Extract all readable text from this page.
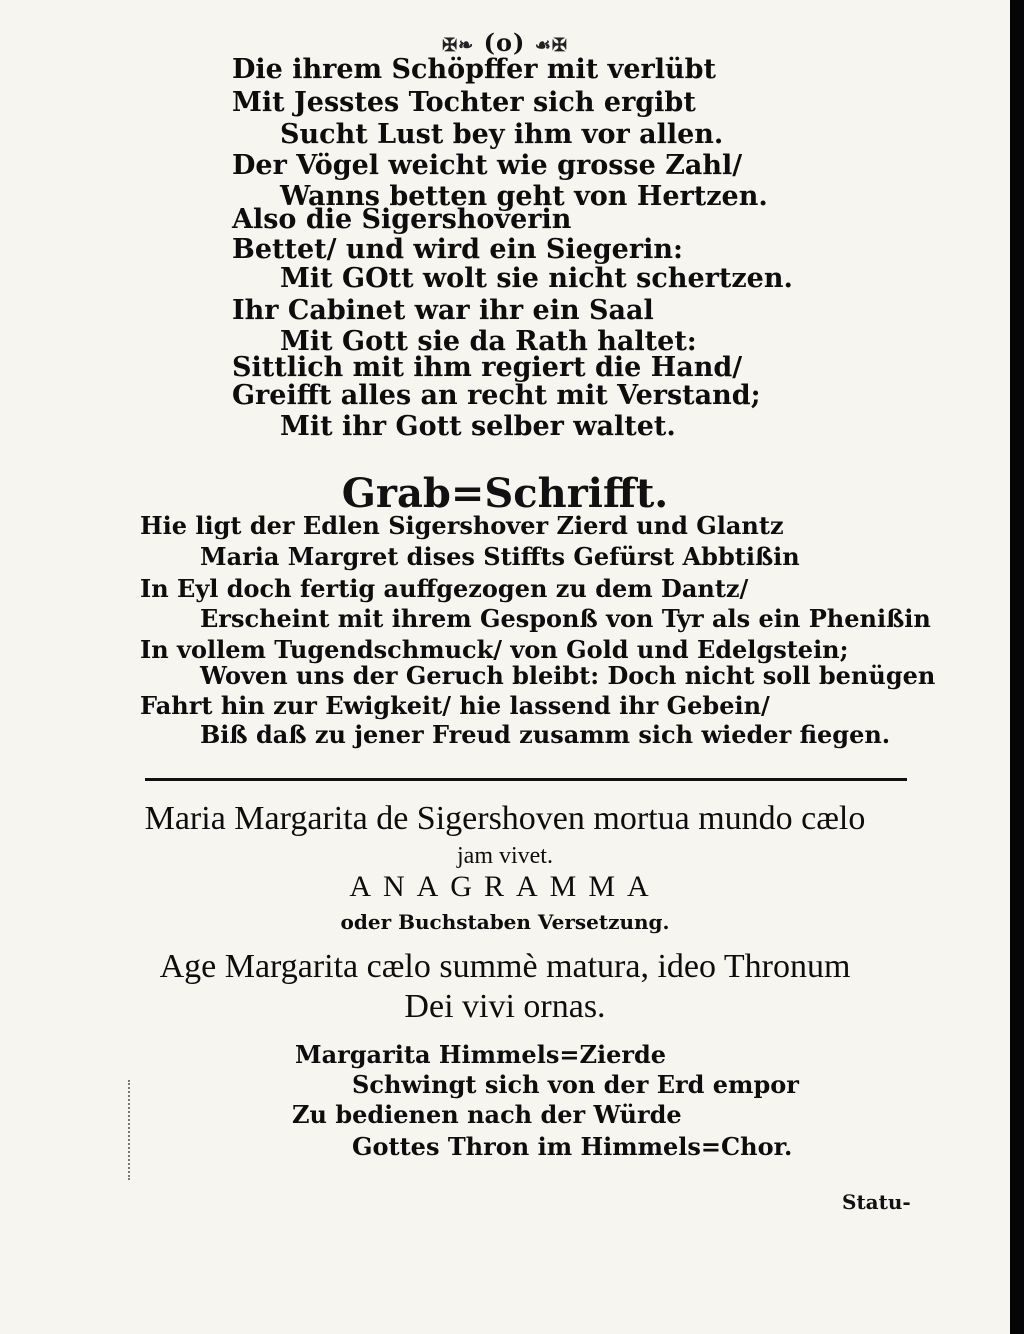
✠❧ (o) ☙✠
Die ihrem Schöpffer mit verlübt
Mit Jesstes Tochter sich ergibt
Sucht Lust bey ihm vor allen.
Der Vögel weicht wie grosse Zahl/
Wanns betten geht von Hertzen.
Also die Sigershoverin
Bettet/ und wird ein Siegerin:
Mit GOtt wolt sie nicht schertzen.
Ihr Cabinet war ihr ein Saal
Mit Gott sie da Rath haltet:
Sittlich mit ihm regiert die Hand/
Greifft alles an recht mit Verstand;
Mit ihr Gott selber waltet.
Grab=Schrifft.
Hie ligt der Edlen Sigershover Zierd und Glantz
Maria Margret dises Stiffts Gefürst Abbtißin
In Eyl doch fertig auffgezogen zu dem Dantz/
Erscheint mit ihrem Gesponß von Tyr als ein Phenißin
In vollem Tugendschmuck/ von Gold und Edelgstein;
Woven uns der Geruch bleibt: Doch nicht soll benügen
Fahrt hin zur Ewigkeit/ hie lassend ihr Gebein/
Biß daß zu jener Freud zusamm sich wieder fiegen.
Maria Margarita de Sigershoven mortua mundo cælo
jam vivet.
ANAGRAMMA
oder Buchstaben Versetzung.
Age Margarita cælo summè matura, ideo Thronum
Dei vivi ornas.
Margarita Himmels=Zierde
Schwingt sich von der Erd empor
Zu bedienen nach der Würde
Gottes Thron im Himmels=Chor.
Statu-
